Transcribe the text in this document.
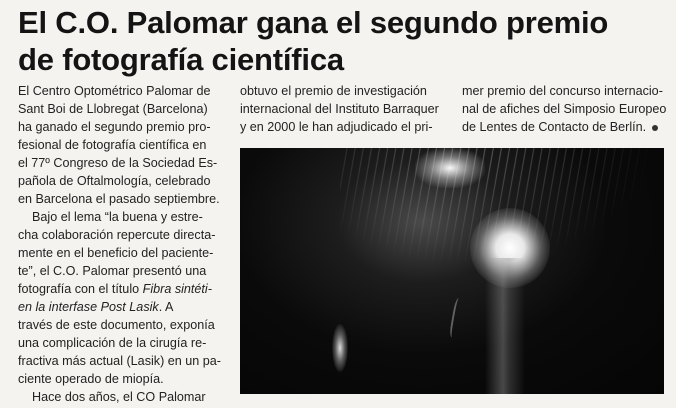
El C.O. Palomar gana el segundo premio
de fotografía científica
El Centro Optométrico Palomar de
Sant Boi de Llobregat (Barcelona)
ha ganado el segundo premio pro-
fesional de fotografía científica en
el 77º Congreso de la Sociedad Es-
pañola de Oftalmología, celebrado
en Barcelona el pasado septiembre.
Bajo el lema “la buena y estre-
cha colaboración repercute directa-
mente en el beneficio del paciente-
te”, el C.O. Palomar presentó una
fotografía con el título Fibra sintéti-
en la interfase Post Lasik. A
través de este documento, exponía
una complicación de la cirugía re-
fractiva más actual (Lasik) en un pa-
ciente operado de miopía.
Hace dos años, el CO Palomar
obtuvo el premio de investigación
internacional del Instituto Barraquer
y en 2000 le han adjudicado el pri-
mer premio del concurso internacio-
nal de afiches del Simposio Europeo
de Lentes de Contacto de Berlín.
